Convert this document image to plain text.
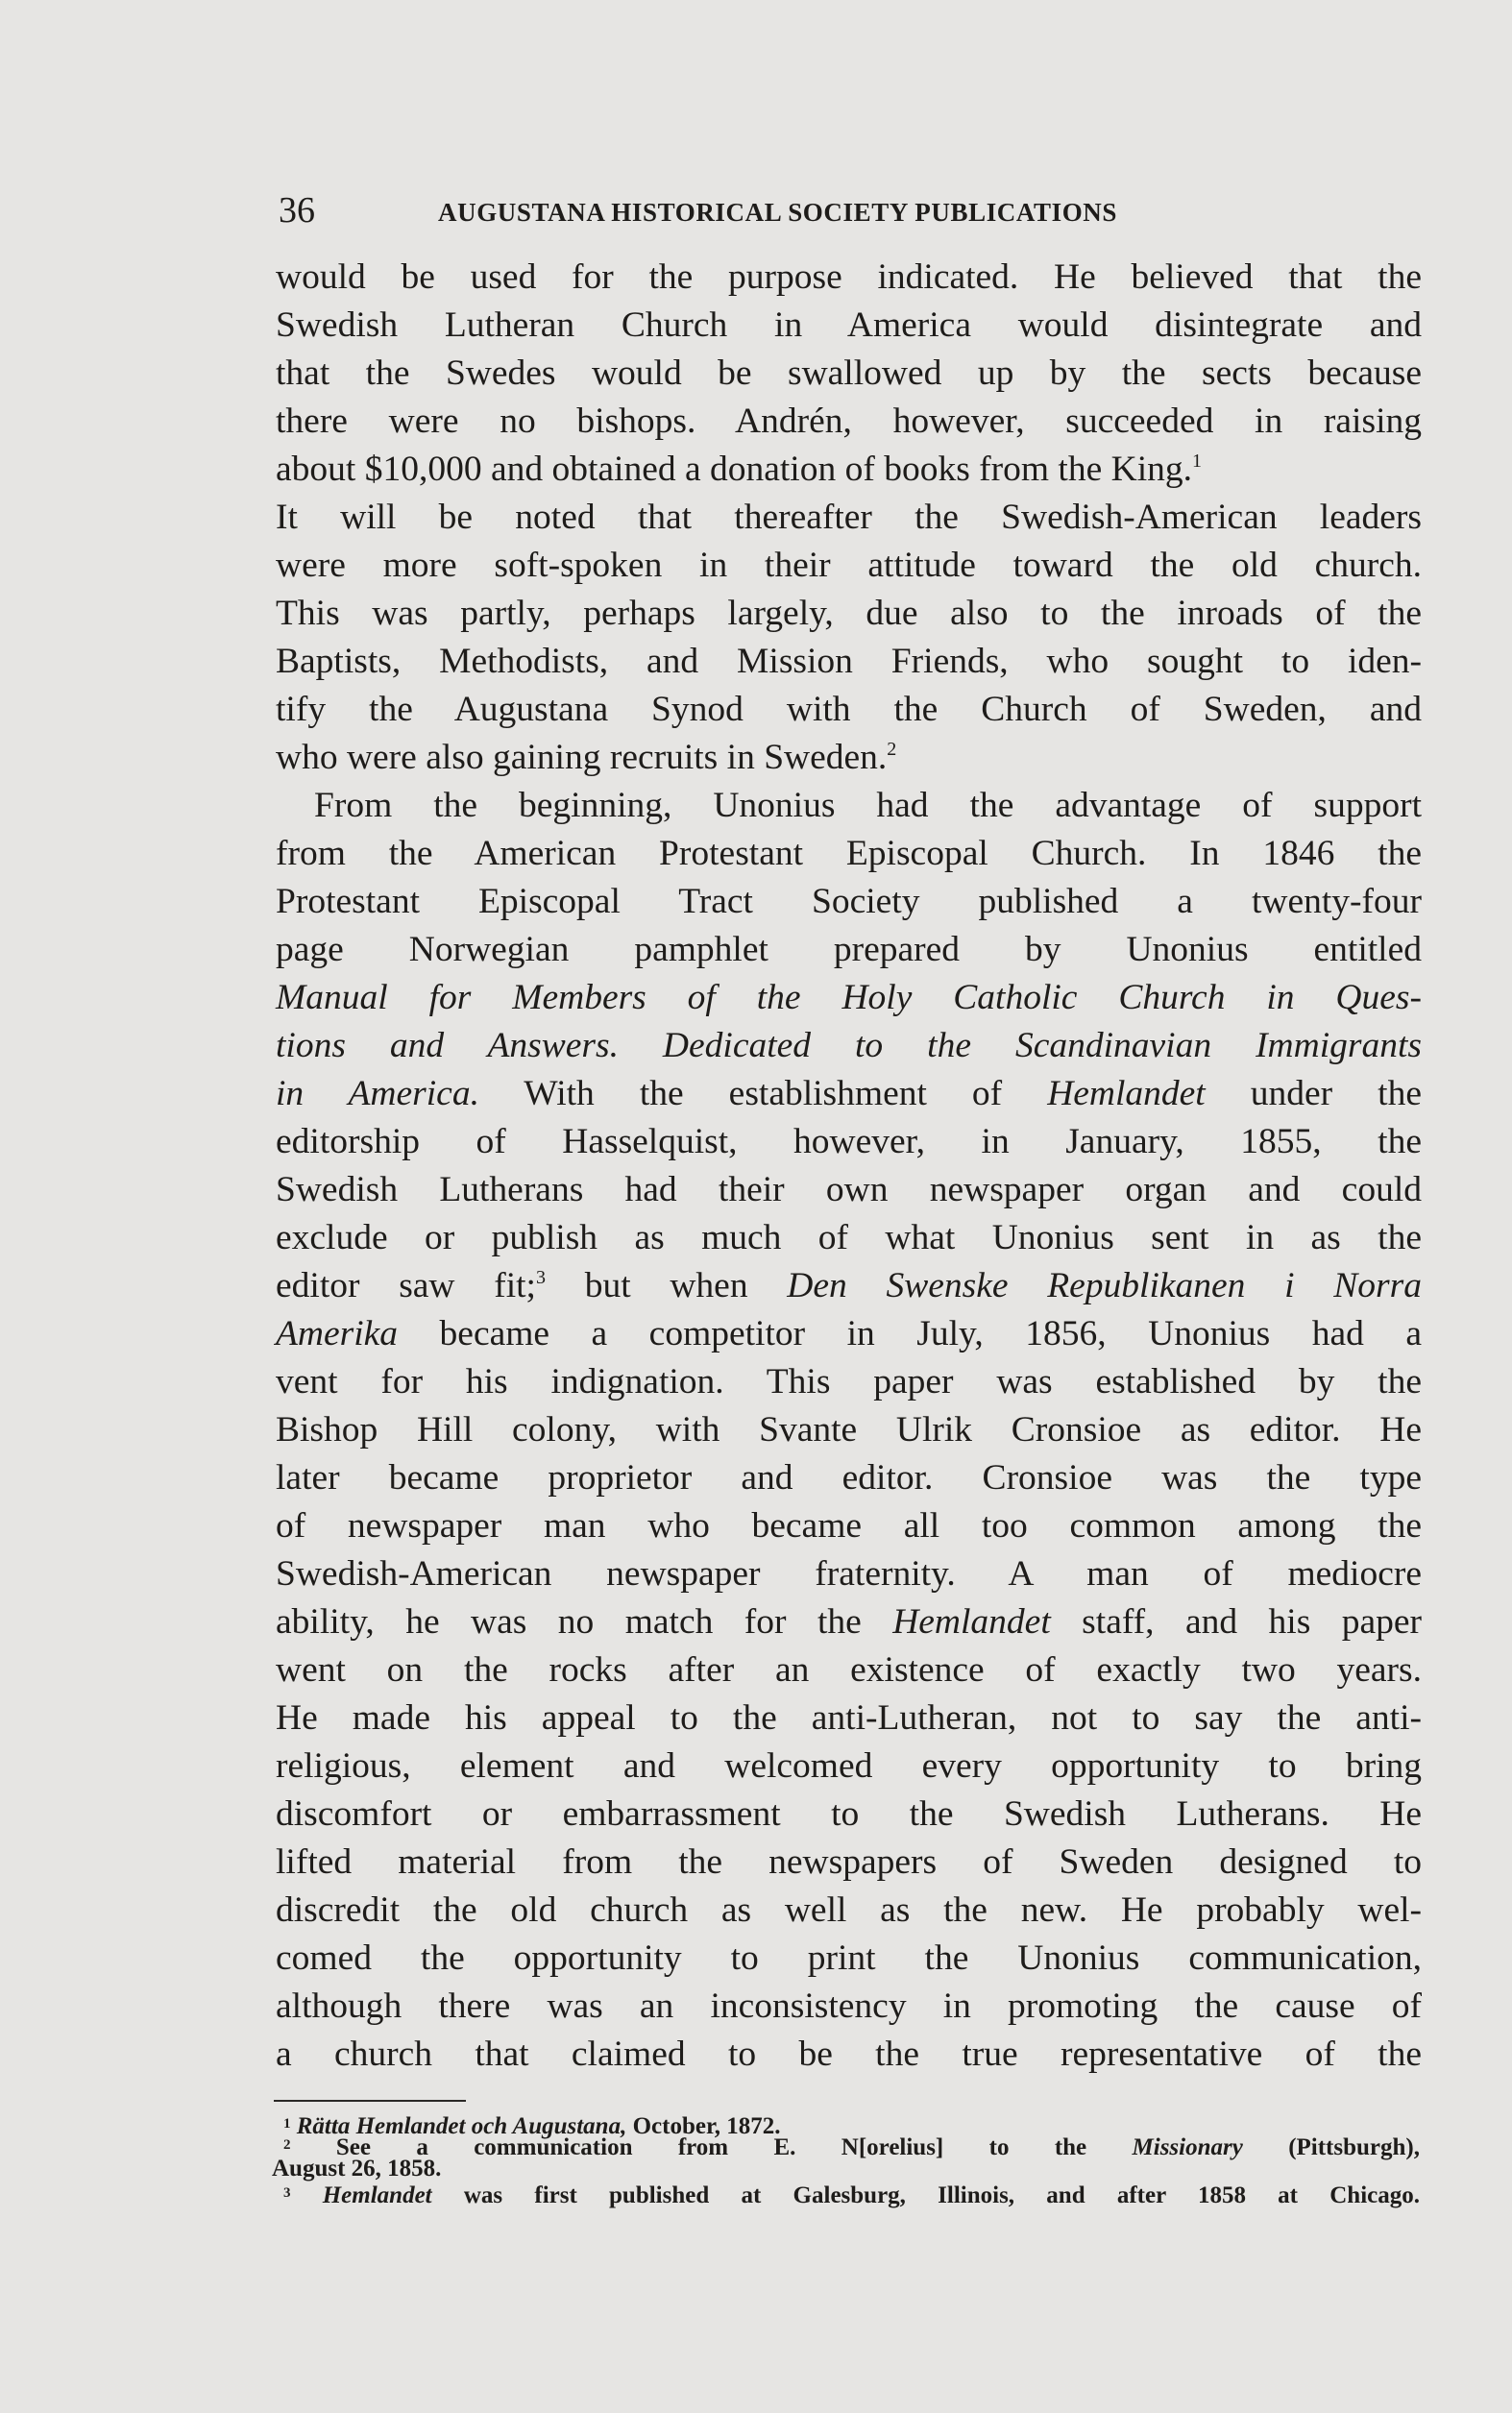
36	AUGUSTANA HISTORICAL SOCIETY PUBLICATIONS
would be used for the purpose indicated. He believed that the
Swedish Lutheran Church in America would disintegrate and
that the Swedes would be swallowed up by the sects because
there were no bishops. Andrén, however, succeeded in raising
about $10,000 and obtained a donation of books from the King.$^1$
It will be noted that thereafter the Swedish-American leaders
were more soft-spoken in their attitude toward the old church.
This was partly, perhaps largely, due also to the inroads of the
Baptists, Methodists, and Mission Friends, who sought to iden-
tify the Augustana Synod with the Church of Sweden, and
who were also gaining recruits in Sweden.$^2$
From the beginning, Unonius had the advantage of support
from the American Protestant Episcopal Church. In 1846 the
Protestant Episcopal Tract Society published a twenty-four
page Norwegian pamphlet prepared by Unonius entitled
Manual for Members of the Holy Catholic Church in Ques-
tions and Answers. Dedicated to the Scandinavian Immigrants
in America. With the establishment of Hemlandet under the
editorship of Hasselquist, however, in January, 1855, the
Swedish Lutherans had their own newspaper organ and could
exclude or publish as much of what Unonius sent in as the
editor saw fit;$^3$ but when Den Swenske Republikanen i Norra
Amerika became a competitor in July, 1856, Unonius had a
vent for his indignation. This paper was established by the
Bishop Hill colony, with Svante Ulrik Cronsioe as editor. He
later became proprietor and editor. Cronsioe was the type
of newspaper man who became all too common among the
Swedish-American newspaper fraternity. A man of mediocre
ability, he was no match for the Hemlandet staff, and his paper
went on the rocks after an existence of exactly two years.
He made his appeal to the anti-Lutheran, not to say the anti-
religious, element and welcomed every opportunity to bring
discomfort or embarrassment to the Swedish Lutherans. He
lifted material from the newspapers of Sweden designed to
discredit the old church as well as the new. He probably wel-
comed the opportunity to print the Unonius communication,
although there was an inconsistency in promoting the cause of
a church that claimed to be the true representative of the
$^1$ Rätta Hemlandet och Augustana, October, 1872.
$^2$ See a communication from E. N[orelius] to the Missionary (Pittsburgh),
August 26, 1858.
$^3$ Hemlandet was first published at Galesburg, Illinois, and after 1858 at Chicago.
